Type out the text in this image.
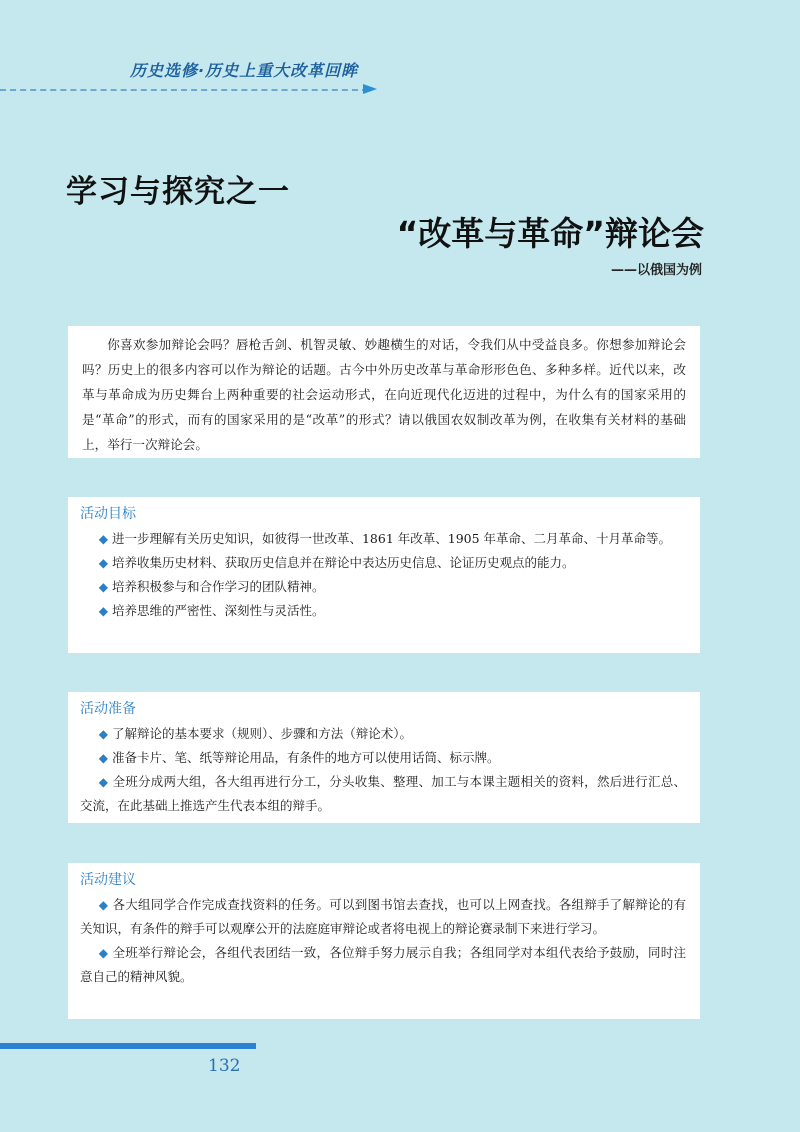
历史选修·历史上重大改革回眸
学习与探究之一
“改革与革命”辩论会
——以俄国为例

你喜欢参加辩论会吗？唇枪舌剑、机智灵敏、妙趣横生的对话，令我们从中受益良多。你想参加辩论会吗？历史上的很多内容可以作为辩论的话题。古今中外历史改革与革命形形色色、多种多样。近代以来，改革与革命成为历史舞台上两种重要的社会运动形式，在向近现代化迈进的过程中，为什么有的国家采用的是“革命”的形式，而有的国家采用的是“改革”的形式？请以俄国农奴制改革为例，在收集有关材料的基础上，举行一次辩论会。

活动目标

◆ 进一步理解有关历史知识，如彼得一世改革、1861 年改革、1905 年革命、二月革命、十月革命等。

◆ 培养收集历史材料、获取历史信息并在辩论中表达历史信息、论证历史观点的能力。

◆ 培养积极参与和合作学习的团队精神。

◆ 培养思维的严密性、深刻性与灵活性。

活动准备

◆ 了解辩论的基本要求（规则）、步骤和方法（辩论术）。

◆ 准备卡片、笔、纸等辩论用品，有条件的地方可以使用话筒、标示牌。

◆ 全班分成两大组，各大组再进行分工，分头收集、整理、加工与本课主题相关的资料，然后进行汇总、交流，在此基础上推选产生代表本组的辩手。

活动建议

◆ 各大组同学合作完成查找资料的任务。可以到图书馆去查找，也可以上网查找。各组辩手了解辩论的有关知识，有条件的辩手可以观摩公开的法庭庭审辩论或者将电视上的辩论赛录制下来进行学习。

◆ 全班举行辩论会，各组代表团结一致，各位辩手努力展示自我；各组同学对本组代表给予鼓励，同时注意自己的精神风貌。

132
